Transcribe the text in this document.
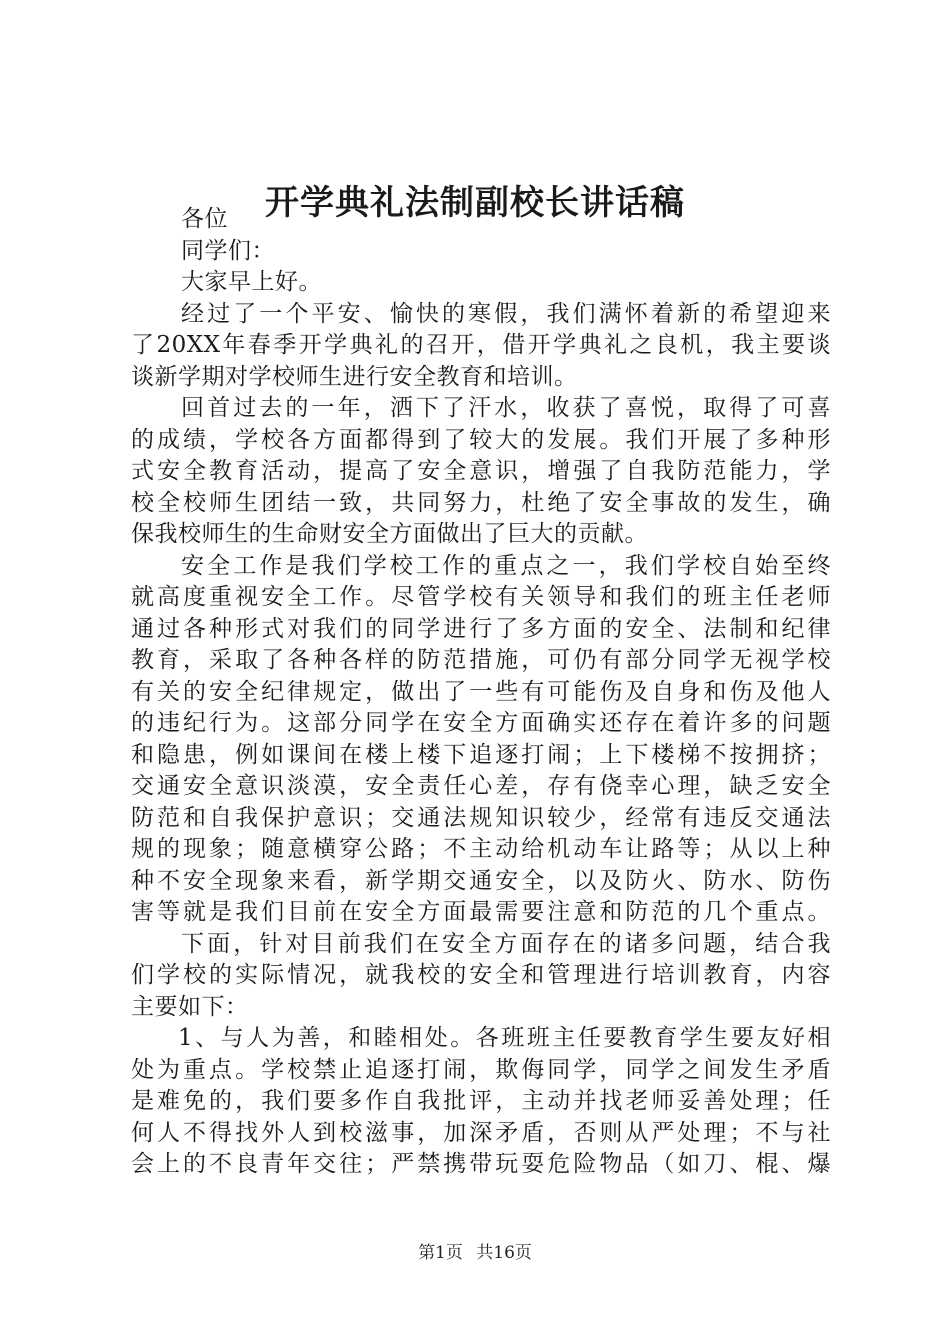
开学典礼法制副校长讲话稿
各位
同学们：
大家早上好。
经过了一个平安、愉快的寒假，我们满怀着新的希望迎来
了20XX年春季开学典礼的召开，借开学典礼之良机，我主要谈
谈新学期对学校师生进行安全教育和培训。
回首过去的一年，洒下了汗水，收获了喜悦，取得了可喜
的成绩，学校各方面都得到了较大的发展。我们开展了多种形
式安全教育活动，提高了安全意识，增强了自我防范能力，学
校全校师生团结一致，共同努力，杜绝了安全事故的发生，确
保我校师生的生命财安全方面做出了巨大的贡献。
安全工作是我们学校工作的重点之一，我们学校自始至终
就高度重视安全工作。尽管学校有关领导和我们的班主任老师
通过各种形式对我们的同学进行了多方面的安全、法制和纪律
教育，采取了各种各样的防范措施，可仍有部分同学无视学校
有关的安全纪律规定，做出了一些有可能伤及自身和伤及他人
的违纪行为。这部分同学在安全方面确实还存在着许多的问题
和隐患，例如课间在楼上楼下追逐打闹；上下楼梯不按拥挤；
交通安全意识淡漠，安全责任心差，存有侥幸心理，缺乏安全
防范和自我保护意识；交通法规知识较少，经常有违反交通法
规的现象；随意横穿公路；不主动给机动车让路等；从以上种
种不安全现象来看，新学期交通安全，以及防火、防水、防伤
害等就是我们目前在安全方面最需要注意和防范的几个重点。
下面，针对目前我们在安全方面存在的诸多问题，结合我
们学校的实际情况，就我校的安全和管理进行培训教育，内容
主要如下：
1、与人为善，和睦相处。各班班主任要教育学生要友好相
处为重点。学校禁止追逐打闹，欺侮同学，同学之间发生矛盾
是难免的，我们要多作自我批评，主动并找老师妥善处理；任
何人不得找外人到校滋事，加深矛盾，否则从严处理；不与社
会上的不良青年交往；严禁携带玩耍危险物品（如刀、棍、爆
第1页 共16页
